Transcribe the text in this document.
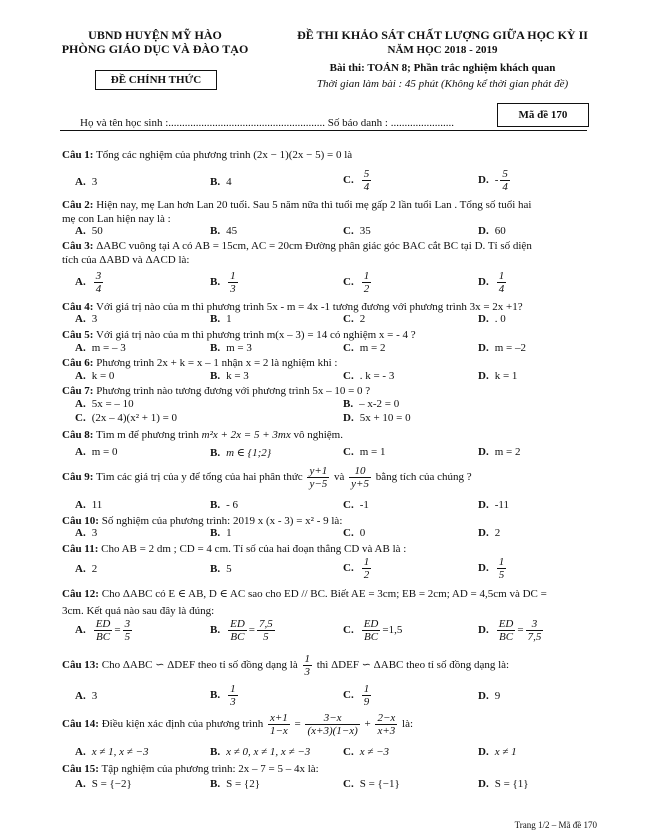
UBND HUYỆN MỸ HÀO
PHÒNG GIÁO DỤC VÀ ĐÀO TẠO
ĐỀ CHÍNH THỨC
ĐỀ THI KHẢO SÁT CHẤT LƯỢNG GIỮA HỌC KỲ II
NĂM HỌC 2018 - 2019
Bài thi: TOÁN 8; Phần trắc nghiệm khách quan
Thời gian làm bài : 45 phút (Không kể thời gian phát đề)
Họ và tên học sinh :......................................................... Số báo danh : .......................
Mã đề 170
Câu 1: Tổng các nghiệm của phương trình (2x − 1)(2x − 5) = 0 là
A. 3	B. 4	C. $\frac{5}{4}$	D. - $\frac{5}{4}$
Câu 2: Hiện nay, mẹ Lan hơn Lan 20 tuổi. Sau 5 năm nữa thì tuổi mẹ gấp 2 lần tuổi Lan . Tổng số tuổi hai
mẹ con Lan hiện nay là :
A. 50	B. 45	C. 35	D. 60
Câu 3: ΔABC vuông tại A có AB = 15cm, AC = 20cm Đường phân giác góc BAC cắt BC tại D. Tỉ số diện
tích của ΔABD và ΔACD là:
A. $\frac{3}{4}$	B. $\frac{1}{3}$	C. $\frac{1}{2}$	D. $\frac{1}{4}$
Câu 4: Với giá trị nào của m thì phương trình 5x - m = 4x -1 tương đương với phương trình 3x = 2x +1?
A. 3	B. 1	C. 2	D. . 0
Câu 5: Với giá trị nào của m thì phương trình m(x – 3) = 14 có nghiệm x = - 4 ?
A. m = – 3	B. m = 3	C. m = 2	D. m = –2
Câu 6: Phương trình 2x + k = x – 1 nhận x = 2 là nghiệm khi :
A. k = 0	B. k = 3	C. . k = - 3	D. k = 1
Câu 7: Phương trình nào tương đương với phương trình 5x – 10 = 0 ?
A. 5x = – 10	B. – x-2 = 0
C. (2x – 4)(x² + 1) = 0	D. 5x + 10 = 0
Câu 8: Tìm m để phương trình m²x + 2x = 5 + 3mx vô nghiệm.
A. m = 0	B. m ∈ {1;2}	C. m = 1	D. m = 2
Câu 9: Tìm các giá trị của y để tổng của hai phân thức $\frac{y+1}{y-5}$ và $\frac{10}{y+5}$ bằng tích của chúng ?
A. 11	B. - 6	C. -1	D. -11
Câu 10: Số nghiệm của phương trình: 2019 x (x - 3) = x² - 9 là:
A. 3	B. 1	C. 0	D. 2
Câu 11: Cho AB = 2 dm ; CD = 4 cm. Tỉ số của hai đoạn thẳng CD và AB là :
A. 2	B. 5	C. $\frac{1}{2}$	D. $\frac{1}{5}$
Câu 12: Cho ΔABC có E ∈ AB, D ∈ AC sao cho ED // BC. Biết AE = 3cm; EB = 2cm; AD = 4,5cm và DC =
3cm. Kết quả nào sau đây là đúng:
A. $\frac{ED}{BC} = \frac{3}{5}$	B. $\frac{ED}{BC} = \frac{7,5}{5}$	C. $\frac{ED}{BC} =1,5$	D. $\frac{ED}{BC} = \frac{3}{7,5}$
Câu 13: Cho ΔABC ∽ ΔDEF theo tỉ số đồng dạng là $\frac{1}{3}$ thì ΔDEF ∽ ΔABC theo tỉ số đồng dạng là:
A. 3	B. $\frac{1}{3}$	C. $\frac{1}{9}$	D. 9
Câu 14: Điều kiện xác định của phương trình $\frac{x+1}{1-x} = \frac{3-x}{(x+3)(1-x)} + \frac{2-x}{x+3}$ là:
A. x ≠ 1, x ≠ −3	B. x ≠ 0, x ≠ 1, x ≠ −3	C. x ≠ −3	D. x ≠ 1
Câu 15: Tập nghiệm của phương trình: 2x – 7 = 5 – 4x là:
A. S = {−2}	B. S = {2}	C. S = {−1}	D. S = {1}
Trang 1/2 – Mã đề 170
